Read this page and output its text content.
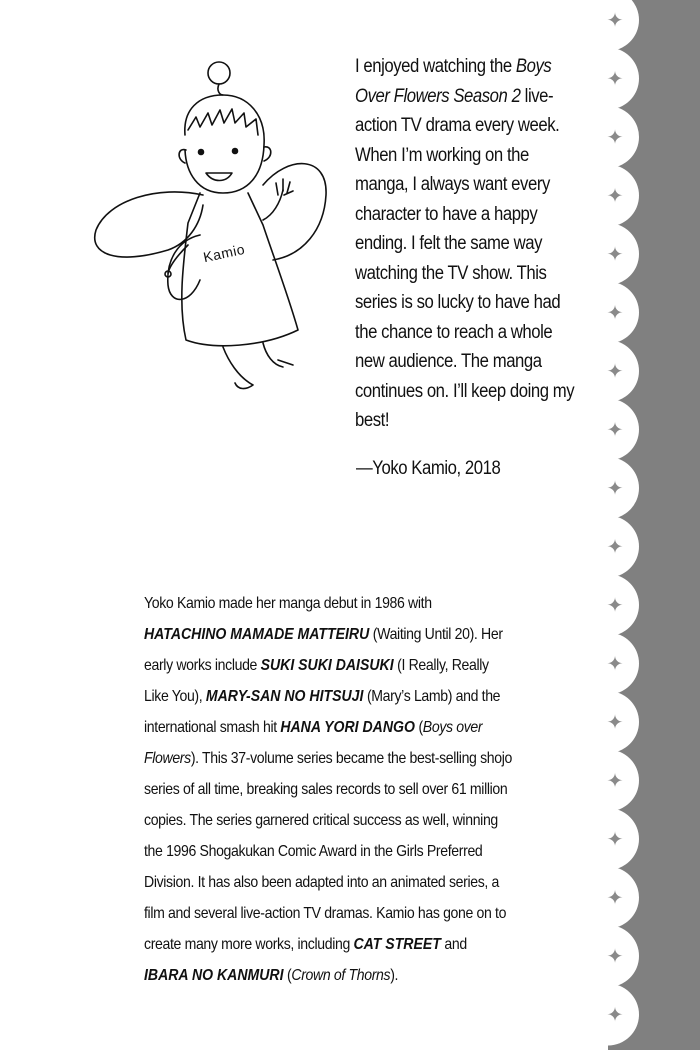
✦
✦
✦
✦
✦
✦
✦
✦
✦
✦
✦
✦
✦
✦
✦
✦
✦
✦
Kamio
I enjoyed watching the Boys Over Flowers Season 2 live-action TV drama every week. When I’m working on the manga, I always want every character to have a happy ending. I felt the same way watching the TV show. This series is so lucky to have had the chance to reach a whole new audience. The manga continues on. I’ll keep doing my best!
—Yoko Kamio, 2018
Yoko Kamio made her manga debut in 1986 with HATACHINO MAMADE MATTEIRU (Waiting Until 20). Her early works include SUKI SUKI DAISUKI (I Really, Really Like You), MARY-SAN NO HITSUJI (Mary’s Lamb) and the international smash hit HANA YORI DANGO (Boys over Flowers). This 37-volume series became the best-selling shojo series of all time, breaking sales records to sell over 61 million copies. The series garnered critical success as well, winning the 1996 Shogakukan Comic Award in the Girls Preferred Division. It has also been adapted into an animated series, a film and several live-action TV dramas. Kamio has gone on to create many more works, including CAT STREET and IBARA NO KANMURI (Crown of Thorns).
